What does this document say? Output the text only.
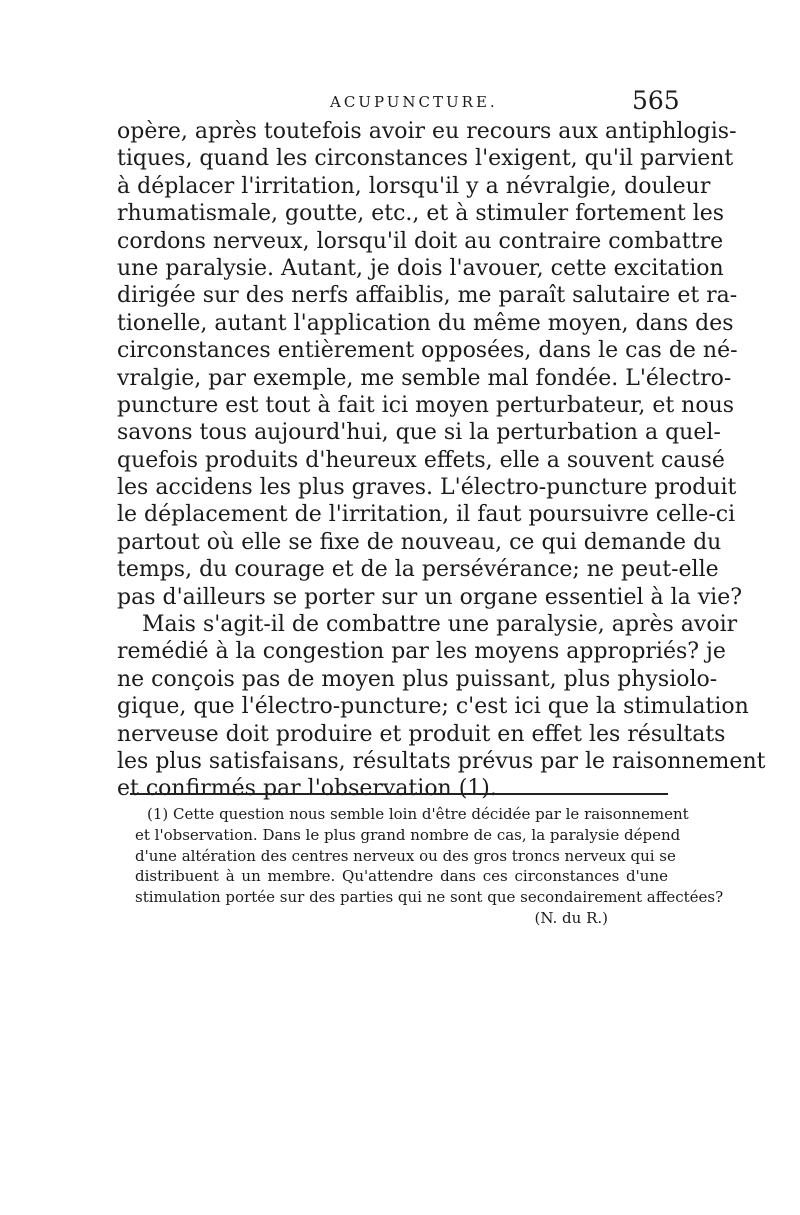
ACUPUNCTURE.	565
opère, après toutefois avoir eu recours aux antiphlogis-
tiques, quand les circonstances l'exigent, qu'il parvient
à déplacer l'irritation, lorsqu'il y a névralgie, douleur
rhumatismale, goutte, etc., et à stimuler fortement les
cordons nerveux, lorsqu'il doit au contraire combattre
une paralysie. Autant, je dois l'avouer, cette excitation
dirigée sur des nerfs affaiblis, me paraît salutaire et ra-
tionelle, autant l'application du même moyen, dans des
circonstances entièrement opposées, dans le cas de né-
vralgie, par exemple, me semble mal fondée. L'électro-
puncture est tout à fait ici moyen perturbateur, et nous
savons tous aujourd'hui, que si la perturbation a quel-
quefois produits d'heureux effets, elle a souvent causé
les accidens les plus graves. L'électro-puncture produit
le déplacement de l'irritation, il faut poursuivre celle-ci
partout où elle se fixe de nouveau, ce qui demande du
temps, du courage et de la persévérance; ne peut-elle
pas d'ailleurs se porter sur un organe essentiel à la vie?
Mais s'agit-il de combattre une paralysie, après avoir
remédié à la congestion par les moyens appropriés? je
ne conçois pas de moyen plus puissant, plus physiolo-
gique, que l'électro-puncture; c'est ici que la stimulation
nerveuse doit produire et produit en effet les résultats
les plus satisfaisans, résultats prévus par le raisonnement
et confirmés par l'observation (1).
(1) Cette question nous semble loin d'être décidée par le raisonnement
et l'observation. Dans le plus grand nombre de cas, la paralysie dépend
d'une altération des centres nerveux ou des gros troncs nerveux qui se
distribuent à un membre. Qu'attendre dans ces circonstances d'une
stimulation portée sur des parties qui ne sont que secondairement affectées?
(N. du R.)
